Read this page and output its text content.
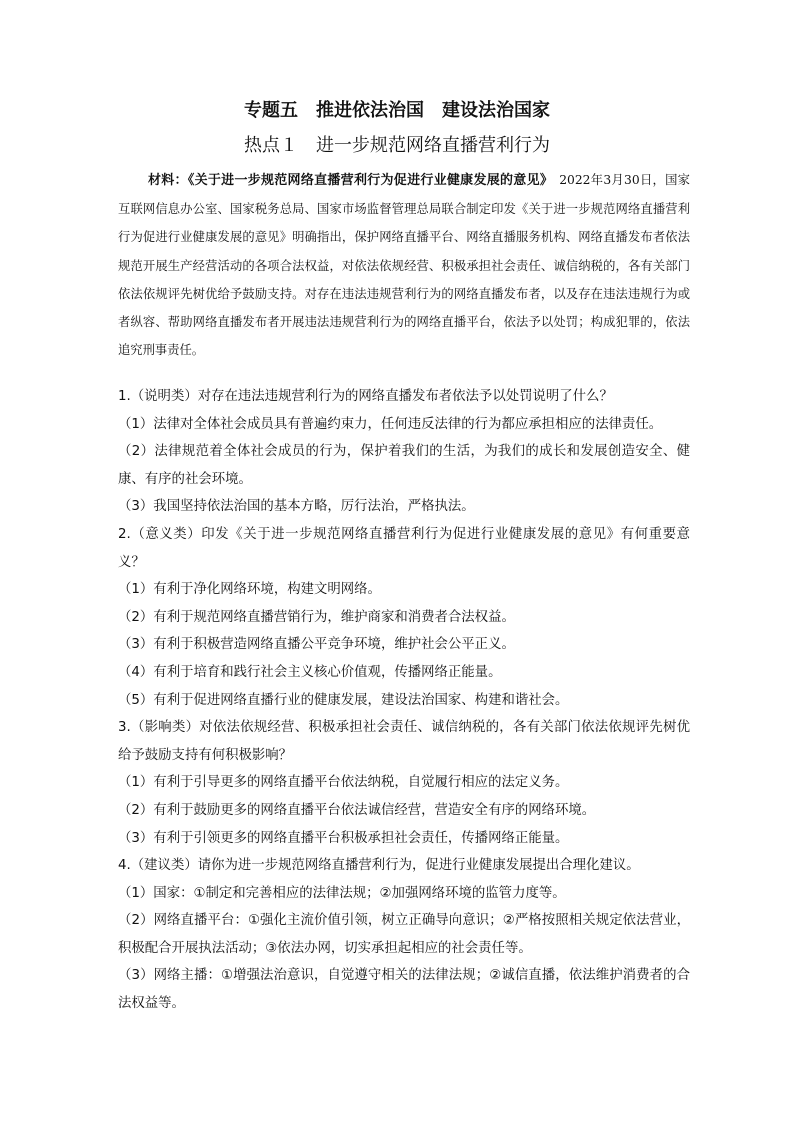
专题五　推进依法治国　建设法治国家
热点１　进一步规范网络直播营利行为
材料：《关于进一步规范网络直播营利行为促进行业健康发展的意见》　2022年3月30日，国家互联网信息办公室、国家税务总局、国家市场监督管理总局联合制定印发《关于进一步规范网络直播营利行为促进行业健康发展的意见》明确指出，保护网络直播平台、网络直播服务机构、网络直播发布者依法规范开展生产经营活动的各项合法权益，对依法依规经营、积极承担社会责任、诚信纳税的，各有关部门依法依规评先树优给予鼓励支持。对存在违法违规营利行为的网络直播发布者，以及存在违法违规行为或者纵容、帮助网络直播发布者开展违法违规营利行为的网络直播平台，依法予以处罚；构成犯罪的，依法追究刑事责任。

1.（说明类）对存在违法违规营利行为的网络直播发布者依法予以处罚说明了什么？

（1）法律对全体社会成员具有普遍约束力，任何违反法律的行为都应承担相应的法律责任。

（2）法律规范着全体社会成员的行为，保护着我们的生活，为我们的成长和发展创造安全、健康、有序的社会环境。

（3）我国坚持依法治国的基本方略，厉行法治，严格执法。

2.（意义类）印发《关于进一步规范网络直播营利行为促进行业健康发展的意见》有何重要意义？

（1）有利于净化网络环境，构建文明网络。

（2）有利于规范网络直播营销行为，维护商家和消费者合法权益。

（3）有利于积极营造网络直播公平竞争环境，维护社会公平正义。

（4）有利于培育和践行社会主义核心价值观，传播网络正能量。

（5）有利于促进网络直播行业的健康发展，建设法治国家、构建和谐社会。

3.（影响类）对依法依规经营、积极承担社会责任、诚信纳税的，各有关部门依法依规评先树优给予鼓励支持有何积极影响？

（1）有利于引导更多的网络直播平台依法纳税，自觉履行相应的法定义务。

（2）有利于鼓励更多的网络直播平台依法诚信经营，营造安全有序的网络环境。

（3）有利于引领更多的网络直播平台积极承担社会责任，传播网络正能量。

4.（建议类）请你为进一步规范网络直播营利行为，促进行业健康发展提出合理化建议。

（1）国家：①制定和完善相应的法律法规；②加强网络环境的监管力度等。

（2）网络直播平台：①强化主流价值引领，树立正确导向意识；②严格按照相关规定依法营业，积极配合开展执法活动；③依法办网，切实承担起相应的社会责任等。

（3）网络主播：①增强法治意识，自觉遵守相关的法律法规；②诚信直播，依法维护消费者的合法权益等。
